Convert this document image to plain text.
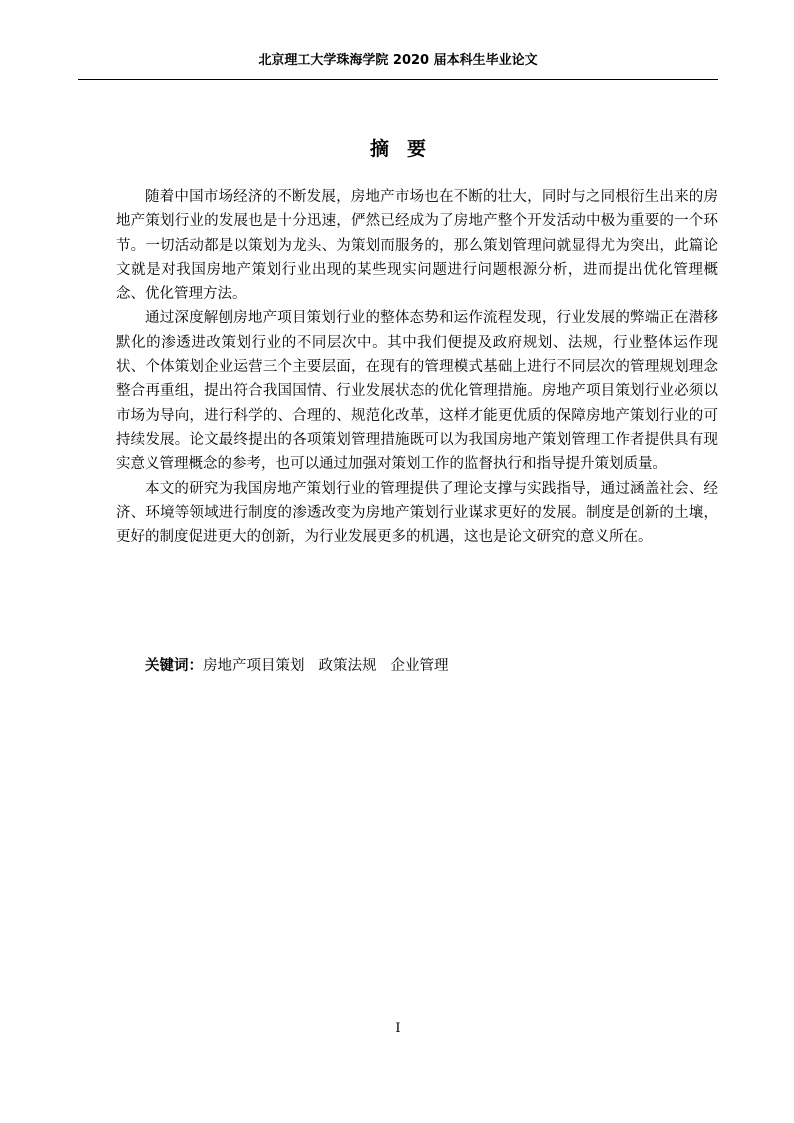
北京理工大学珠海学院 2020 届本科生毕业论文
摘要

随着中国市场经济的不断发展，房地产市场也在不断的壮大，同时与之同根衍生出来的房地产策划行业的发展也是十分迅速，俨然已经成为了房地产整个开发活动中极为重要的一个环节。一切活动都是以策划为龙头、为策划而服务的，那么策划管理问就显得尤为突出，此篇论文就是对我国房地产策划行业出现的某些现实问题进行问题根源分析，进而提出优化管理概念、优化管理方法。

通过深度解刨房地产项目策划行业的整体态势和运作流程发现，行业发展的弊端正在潜移默化的渗透进改策划行业的不同层次中。其中我们便提及政府规划、法规，行业整体运作现状、个体策划企业运营三个主要层面，在现有的管理模式基础上进行不同层次的管理规划理念整合再重组，提出符合我国国情、行业发展状态的优化管理措施。房地产项目策划行业必须以市场为导向，进行科学的、合理的、规范化改革，这样才能更优质的保障房地产策划行业的可持续发展。论文最终提出的各项策划管理措施既可以为我国房地产策划管理工作者提供具有现实意义管理概念的参考，也可以通过加强对策划工作的监督执行和指导提升策划质量。

本文的研究为我国房地产策划行业的管理提供了理论支撑与实践指导，通过涵盖社会、经济、环境等领域进行制度的渗透改变为房地产策划行业谋求更好的发展。制度是创新的土壤，更好的制度促进更大的创新，为行业发展更多的机遇，这也是论文研究的意义所在。

关键词：房地产项目策划 政策法规 企业管理
I
